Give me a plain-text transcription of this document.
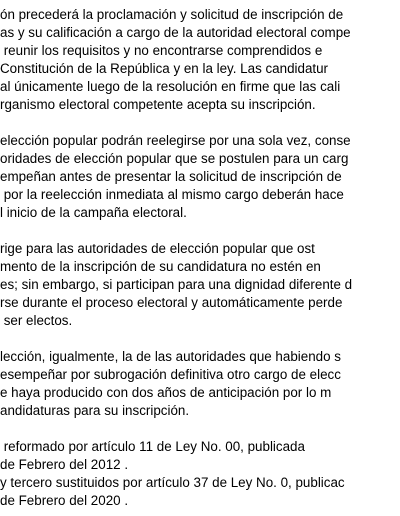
ón precederá la proclamación y solicitud de inscripción de
as y su calificación a cargo de la autoridad electoral compe
reunir los requisitos y no encontrarse comprendidos e
Constitución de la República y en la ley. Las candidatur
al únicamente luego de la resolución en firme que las cali
rganismo electoral competente acepta su inscripción.
elección popular podrán reelegirse por una sola vez, conse
oridades de elección popular que se postulen para un carg
empeñan antes de presentar la solicitud de inscripción de
por la reelección inmediata al mismo cargo deberán hace
l inicio de la campaña electoral.
rige para las autoridades de elección popular que ost
mento de la inscripción de su candidatura no estén en
es; sin embargo, si participan para una dignidad diferente d
rse durante el proceso electoral y automáticamente perde
ser electos.
lección, igualmente, la de las autoridades que habiendo s
esempeñar por subrogación definitiva otro cargo de elecc
e haya producido con dos años de anticipación por lo m
andidaturas para su inscripción.
reformado por artículo 11 de Ley No. 00, publicada
de Febrero del 2012 .
y tercero sustituidos por artículo 37 de Ley No. 0, publicac
de Febrero del 2020 .
